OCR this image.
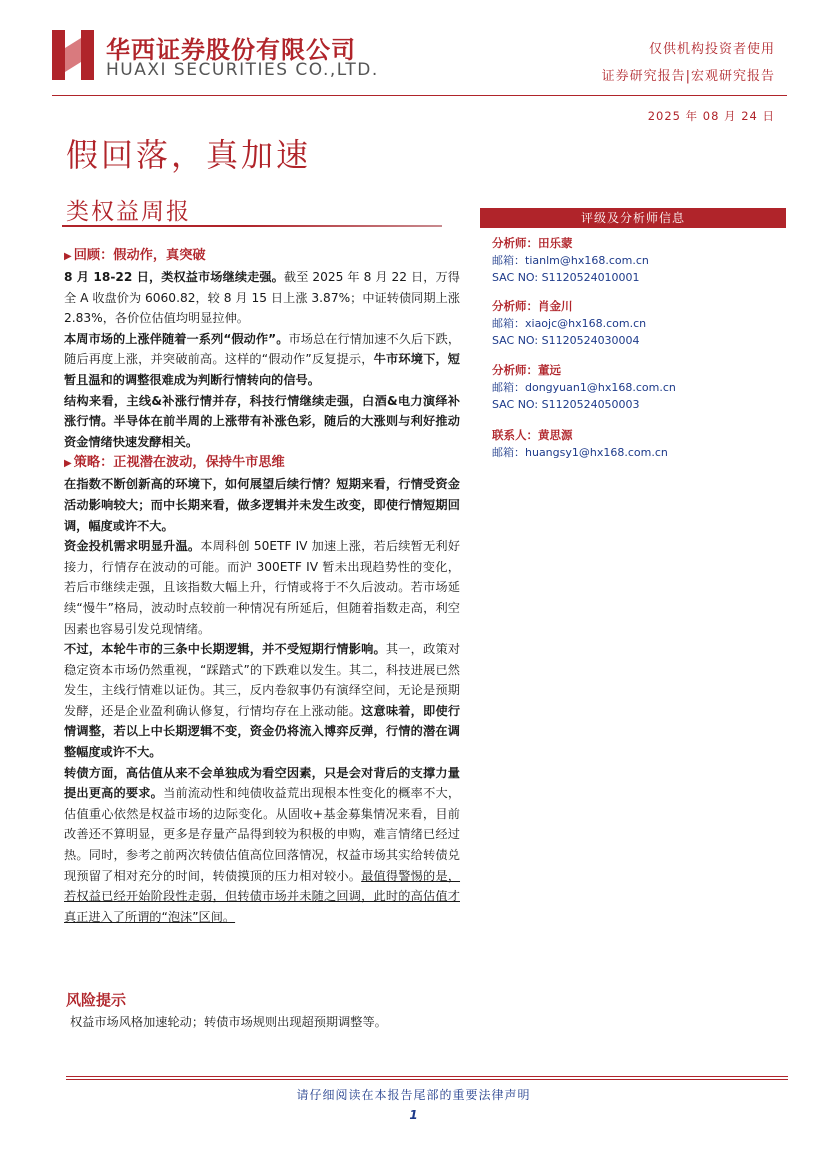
华西证券股份有限公司
HUAXI SECURITIES CO.,LTD.
仅供机构投资者使用
证券研究报告|宏观研究报告
2025 年 08 月 24 日
假回落，真加速
类权益周报
▶ 回顾：假动作，真突破

8 月 18-22 日，类权益市场继续走强。截至 2025 年 8 月 22 日，万得全 A 收盘价为 6060.82，较 8 月 15 日上涨 3.87%；中证转债同期上涨 2.83%，各价位估值均明显拉伸。

本周市场的上涨伴随着一系列“假动作”。市场总在行情加速不久后下跌，随后再度上涨，并突破前高。这样的“假动作”反复提示，牛市环境下，短暂且温和的调整很难成为判断行情转向的信号。

结构来看，主线&补涨行情并存，科技行情继续走强，白酒&电力演绎补涨行情。半导体在前半周的上涨带有补涨色彩，随后的大涨则与利好推动资金情绪快速发酵相关。

▶ 策略：正视潜在波动，保持牛市思维

在指数不断创新高的环境下，如何展望后续行情？短期来看，行情受资金活动影响较大；而中长期来看，做多逻辑并未发生改变，即使行情短期回调，幅度或许不大。

资金投机需求明显升温。本周科创 50ETF IV 加速上涨，若后续暂无利好接力，行情存在波动的可能。而沪 300ETF IV 暂未出现趋势性的变化，若后市继续走强，且该指数大幅上升，行情或将于不久后波动。若市场延续“慢牛”格局，波动时点较前一种情况有所延后，但随着指数走高，利空因素也容易引发兑现情绪。

不过，本轮牛市的三条中长期逻辑，并不受短期行情影响。其一，政策对稳定资本市场仍然重视，“踩踏式”的下跌难以发生。其二，科技进展已然发生，主线行情难以证伪。其三，反内卷叙事仍有演绎空间，无论是预期发酵，还是企业盈利确认修复，行情均存在上涨动能。这意味着，即使行情调整，若以上中长期逻辑不变，资金仍将流入博弈反弹，行情的潜在调整幅度或许不大。

转债方面，高估值从来不会单独成为看空因素，只是会对背后的支撑力量提出更高的要求。当前流动性和纯债收益荒出现根本性变化的概率不大，估值重心依然是权益市场的边际变化。从固收+基金募集情况来看，目前改善还不算明显，更多是存量产品得到较为积极的申购，难言情绪已经过热。同时，参考之前两次转债估值高位回落情况，权益市场其实给转债兑现预留了相对充分的时间，转债摸顶的压力相对较小。最值得警惕的是，若权益已经开始阶段性走弱，但转债市场并未随之回调，此时的高估值才真正进入了所谓的“泡沫”区间。

风险提示
权益市场风格加速轮动；转债市场规则出现超预期调整等。
评级及分析师信息
分析师：田乐蒙
邮箱：tianlm@hx168.com.cn
SAC NO: S1120524010001
分析师：肖金川
邮箱：xiaojc@hx168.com.cn
SAC NO: S1120524030004
分析师：董远
邮箱：dongyuan1@hx168.com.cn
SAC NO: S1120524050003
联系人：黄思源
邮箱：huangsy1@hx168.com.cn
请仔细阅读在本报告尾部的重要法律声明
1
